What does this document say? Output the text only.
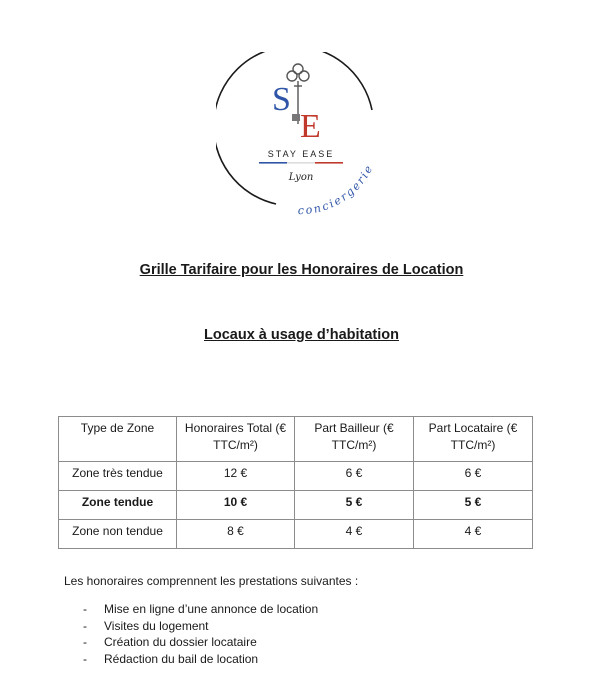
S
E
STAY EASE
Lyon
conciergerie
Grille Tarifaire pour les Honoraires de Location
Locaux à usage d’habitation
Type de Zone	Honoraires Total (€ TTC/m²)	Part Bailleur (€ TTC/m²)	Part Locataire (€ TTC/m²)
Zone très tendue	12 €	6 €	6 €
Zone tendue	10 €	5 €	5 €
Zone non tendue	8 €	4 €	4 €

Les honoraires comprennent les prestations suivantes :

- Mise en ligne d’une annonce de location
- Visites du logement
- Création du dossier locataire
- Rédaction du bail de location
